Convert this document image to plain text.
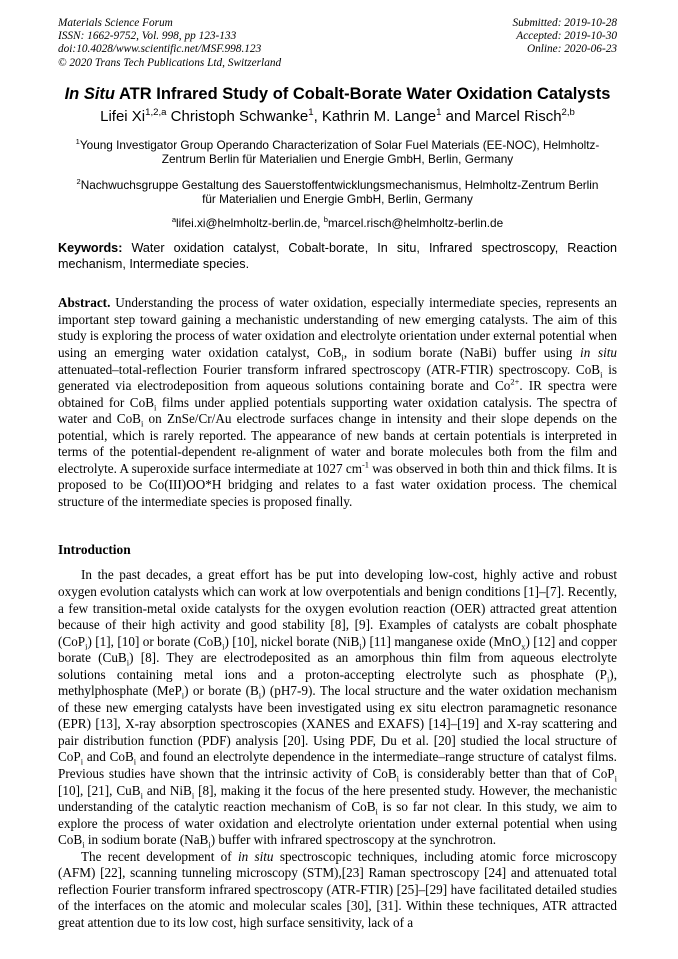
Materials Science Forum
ISSN: 1662-9752, Vol. 998, pp 123-133
doi:10.4028/www.scientific.net/MSF.998.123
© 2020 Trans Tech Publications Ltd, Switzerland
Submitted: 2019-10-28
Accepted: 2019-10-30
Online: 2020-06-23
In Situ ATR Infrared Study of Cobalt-Borate Water Oxidation Catalysts
Lifei Xi$^{1,2,a}$ Christoph Schwanke$^1$, Kathrin M. Lange$^1$ and Marcel Risch$^{2,b}$
$^1$Young Investigator Group Operando Characterization of Solar Fuel Materials (EE-NOC), Helmholtz-Zentrum Berlin für Materialien und Energie GmbH, Berlin, Germany
$^2$Nachwuchsgruppe Gestaltung des Sauerstoffentwicklungsmechanismus, Helmholtz-Zentrum Berlin für Materialien und Energie GmbH, Berlin, Germany
$^a$lifei.xi@helmholtz-berlin.de, $^b$marcel.risch@helmholtz-berlin.de

Keywords: Water oxidation catalyst, Cobalt-borate, In situ, Infrared spectroscopy, Reaction mechanism, Intermediate species.

Abstract. Understanding the process of water oxidation, especially intermediate species, represents an important step toward gaining a mechanistic understanding of new emerging catalysts. The aim of this study is exploring the process of water oxidation and electrolyte orientation under external potential when using an emerging water oxidation catalyst, CoB$_i$, in sodium borate (NaBi) buffer using in situ attenuated–total-reflection Fourier transform infrared spectroscopy (ATR-FTIR) spectroscopy. CoB$_i$ is generated via electrodeposition from aqueous solutions containing borate and $Co^{2+}$. IR spectra were obtained for CoB$_i$ films under applied potentials supporting water oxidation catalysis. The spectra of water and CoB$_i$ on ZnSe/Cr/Au electrode surfaces change in intensity and their slope depends on the potential, which is rarely reported. The appearance of new bands at certain potentials is interpreted in terms of the potential-dependent re-alignment of water and borate molecules both from the film and electrolyte. A superoxide surface intermediate at 1027 $cm^{-1}$ was observed in both thin and thick films. It is proposed to be Co(III)OO*H bridging and relates to a fast water oxidation process. The chemical structure of the intermediate species is proposed finally.

Introduction

In the past decades, a great effort has be put into developing low-cost, highly active and robust oxygen evolution catalysts which can work at low overpotentials and benign conditions [1]–[7]. Recently, a few transition-metal oxide catalysts for the oxygen evolution reaction (OER) attracted great attention because of their high activity and good stability [8], [9]. Examples of catalysts are cobalt phosphate (CoP$_i$) [1], [10] or borate (CoB$_i$) [10], nickel borate (NiB$_i$) [11] manganese oxide (MnO$_x$) [12] and copper borate (CuB$_i$) [8]. They are electrodeposited as an amorphous thin film from aqueous electrolyte solutions containing metal ions and a proton-accepting electrolyte such as phosphate $(P_i)$, methylphosphate (MeP$_i$) or borate $(B_i)$ (pH7-9). The local structure and the water oxidation mechanism of these new emerging catalysts have been investigated using ex situ electron paramagnetic resonance (EPR) [13], X-ray absorption spectroscopies (XANES and EXAFS) [14]–[19] and X-ray scattering and pair distribution function (PDF) analysis [20]. Using PDF, Du et al. [20] studied the local structure of CoP$_i$ and CoB$_i$ and found an electrolyte dependence in the intermediate–range structure of catalyst films. Previous studies have shown that the intrinsic activity of CoB$_i$ is considerably better than that of CoP$_i$ [10], [21], CuB$_i$ and NiB$_i$ [8], making it the focus of the here presented study. However, the mechanistic understanding of the catalytic reaction mechanism of CoB$_i$ is so far not clear. In this study, we aim to explore the process of water oxidation and electrolyte orientation under external potential when using CoB$_i$ in sodium borate (NaB$_i$) buffer with infrared spectroscopy at the synchrotron.

The recent development of in situ spectroscopic techniques, including atomic force microscopy (AFM) [22], scanning tunneling microscopy (STM),[23] Raman spectroscopy [24] and attenuated total reflection Fourier transform infrared spectroscopy (ATR-FTIR) [25]–[29] have facilitated detailed studies of the interfaces on the atomic and molecular scales [30], [31]. Within these techniques, ATR attracted great attention due to its low cost, high surface sensitivity, lack of a
